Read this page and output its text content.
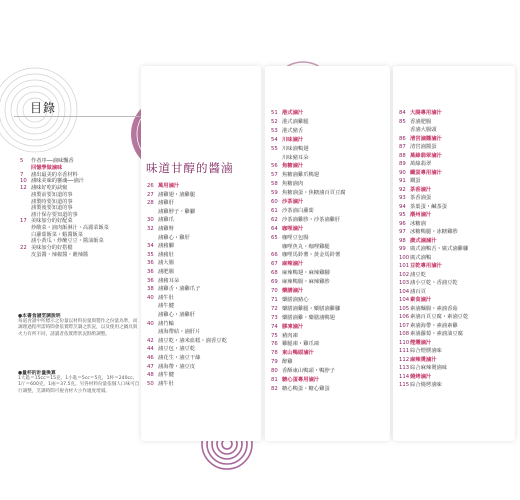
目錄
26 萬用滷汁
27 滷雞翅・滷雞腿
28 滷雞肝
滷雞脖子・雞腳
30 滷雞爪
32 滷雞腎
滷雞心・雞肝
34 滷豬腳
35 滷豬肚
36 滷大腸
36 滷肥腸
36 滷豬耳朵
38 滷雞舌・滷雞爪子
40 滷牛肚
滷牛腱
滷雞心・滷雞肝
40 滷竹輪
滷海帶結・滷肝片
42 滷豆乾・滷米血糕・滷香豆乾
44 滷豆包・滷豆乾
46 滷花生・滷豆干絲
47 滷海帶・滷豆皮
48 滷牛腱
50 滷牛肚
51 港式滷汁
52 港式滷雞腿
53 港式豬舌
54 川味滷汁
55 川味滷鴨翅
川味豬耳朵
56 焦糖滷汁
57 焦糖滷雞爪鴨翅
58 焦糖滷肉
59 焦糖滷蛋・焦糖滷百頁豆腐
60 沙茶滷汁
61 沙茶滷白蘿蔔
62 沙茶滷雞胗・沙茶滷雞肝
64 咖哩滷汁
65 咖哩豆包腸
咖哩魚丸・咖哩雞腿
66 咖哩馬鈴薯・黃金馬鈴薯
67 麻辣滷汁
68 麻辣鴨翅・麻辣雞腳
69 麻辣鴨腸・麻辣雞胗
70 藥膳滷汁
71 藥膳滷豬心
72 藥膳滷雞腿・藥膳滷雞腳
73 藥膳滷雞・藥膳滷鴨翅
74 膠凍滷汁
75 豬肉凍
76 雞腿凍・雞爪凍
78 東山鴨頭滷汁
79 醉雞
80 香酥東山鴨頭・鴨脖子
81 糖心蛋專用滷汁
82 糖心鴨蛋・糖心雞蛋
84 大腸專用滷汁
85 香滷肥腸
香滷大腸頭
86 清宮滷醬滷汁
87 清宮滷醬蛋
88 萬綠翡翠滷汁
89 萬綠翡翠
90 鐵蛋專用滷汁
91 鐵蛋
92 茶香滷汁
93 茶香滷蛋
94 茶葉蛋・鹹茶蛋
95 潮州滷汁
96 冰糖滷
97 冰糖鴨腿・冰糖雞胗
98 廣式滷滷汁
99 廣式滷鴨舌・廣式滷雞腳
100廣式滷鴨
101豆乾專用滷汁
102滷豆乾
103滷小豆乾・香滷豆乾
104滷百頁
104素食滷汁
105素滷麵腸・素滷香菇
106素滷百頁豆腐・素滷豆乾
107素滷海帶・素滷素雞
108素滷蘿蔔・素滷油豆腐
110煙燻滷汁
111綜合煙燻滷味
112麻辣燙滷汁
113綜合麻辣燙滷味
114燒烤滷汁
115綜合燒烤滷味
味道甘醇的醬滷
5 作者序──滷味飄香
回憶學做滷味
7 滷出最美的幸香材料
10 滷味美味的靈魂──滷汁
12 滷味好吃的訣竅
滷製前要知道的事
滷製時要知道的事
滷製後要知道的事
滷汁保存要知道的事
17 美味加分的好配菜
炒酸菜・滷肉飯淋汁・高麗菜飯菜
白蘿蔔飯菜・蝦醬飯菜
滷小黃瓜・炒醃豆豆・醬油飯菜
22 美味加分的好搭檔
皮蛋醬・辣椒醬・蘸辣醬
●本書食譜烹調說明
每道食譜中所標示之份量以材料份量與製作之份量為準，而調理過程所需時間會依實際烹調之狀況，以及使用之鍋具與火力有所不同，請讀者依實際狀況斟酌調整。
●量杯的計量換算
1大匙＝15cc＝15克，1小匙＝5cc＝5克，1杯＝240cc。1斤＝600克，1兩＝37.5克。另各材料份量依個人口味可自行調整，烹調時間可視食材大小作適度增減。
